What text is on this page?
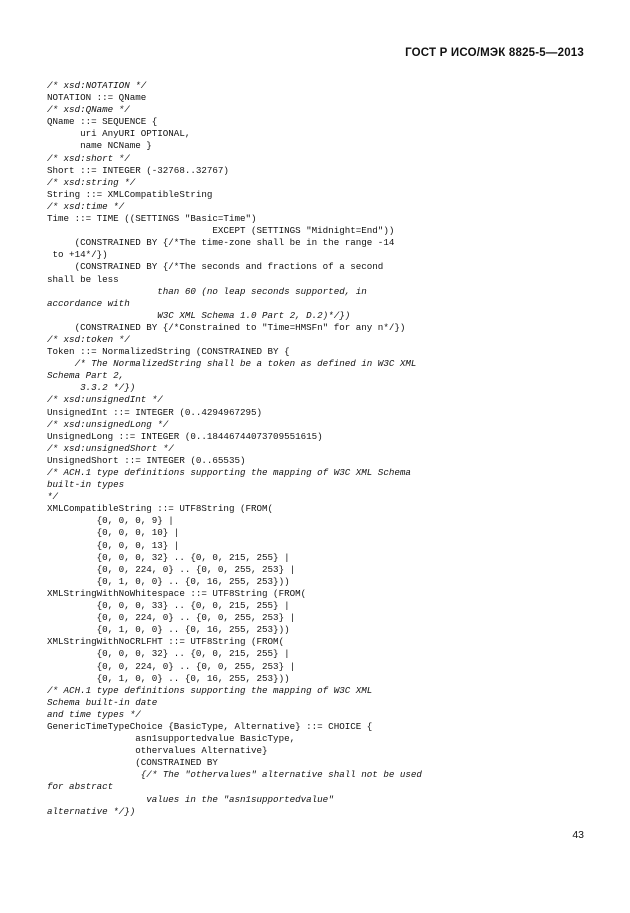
ГОСТ Р ИСО/МЭК 8825-5—2013
/* xsd:NOTATION */
NOTATION ::= QName
/* xsd:QName */
QName ::= SEQUENCE {
uri AnyURI OPTIONAL,
name NCName }
/* xsd:short */
Short ::= INTEGER (-32768..32767)
/* xsd:string */
String ::= XMLCompatibleString
/* xsd:time */
Time ::= TIME ((SETTINGS "Basic=Time")
EXCEPT (SETTINGS "Midnight=End"))
(CONSTRAINED BY {/*The time-zone shall be in the range -14
to +14*/})
(CONSTRAINED BY {/*The seconds and fractions of a second
shall be less
than 60 (no leap seconds supported, in
accordance with
W3C XML Schema 1.0 Part 2, D.2)*/})
(CONSTRAINED BY {/*Constrained to "Time=HMSFn" for any n*/})
/* xsd:token */
Token ::= NormalizedString (CONSTRAINED BY {
/* The NormalizedString shall be a token as defined in W3C XML
Schema Part 2,
3.3.2 */})
/* xsd:unsignedInt */
UnsignedInt ::= INTEGER (0..4294967295)
/* xsd:unsignedLong */
UnsignedLong ::= INTEGER (0..18446744073709551615)
/* xsd:unsignedShort */
UnsignedShort ::= INTEGER (0..65535)
/* ACH.1 type definitions supporting the mapping of W3C XML Schema
built-in types
*/
XMLCompatibleString ::= UTF8String (FROM(
{0, 0, 0, 9} |
{0, 0, 0, 10} |
{0, 0, 0, 13} |
{0, 0, 0, 32} .. {0, 0, 215, 255} |
{0, 0, 224, 0} .. {0, 0, 255, 253} |
{0, 1, 0, 0} .. {0, 16, 255, 253}))
XMLStringWithNoWhitespace ::= UTF8String (FROM(
{0, 0, 0, 33} .. {0, 0, 215, 255} |
{0, 0, 224, 0} .. {0, 0, 255, 253} |
{0, 1, 0, 0} .. {0, 16, 255, 253}))
XMLStringWithNoCRLFHT ::= UTF8String (FROM(
{0, 0, 0, 32} .. {0, 0, 215, 255} |
{0, 0, 224, 0} .. {0, 0, 255, 253} |
{0, 1, 0, 0} .. {0, 16, 255, 253}))
/* ACH.1 type definitions supporting the mapping of W3C XML
Schema built-in date
and time types */
GenericTimeTypeChoice {BasicType, Alternative} ::= CHOICE {
asn1supportedvalue BasicType,
othervalues Alternative}
(CONSTRAINED BY
{/* The "othervalues" alternative shall not be used
for abstract
values in the "asn1supportedvalue"
alternative */})
43
